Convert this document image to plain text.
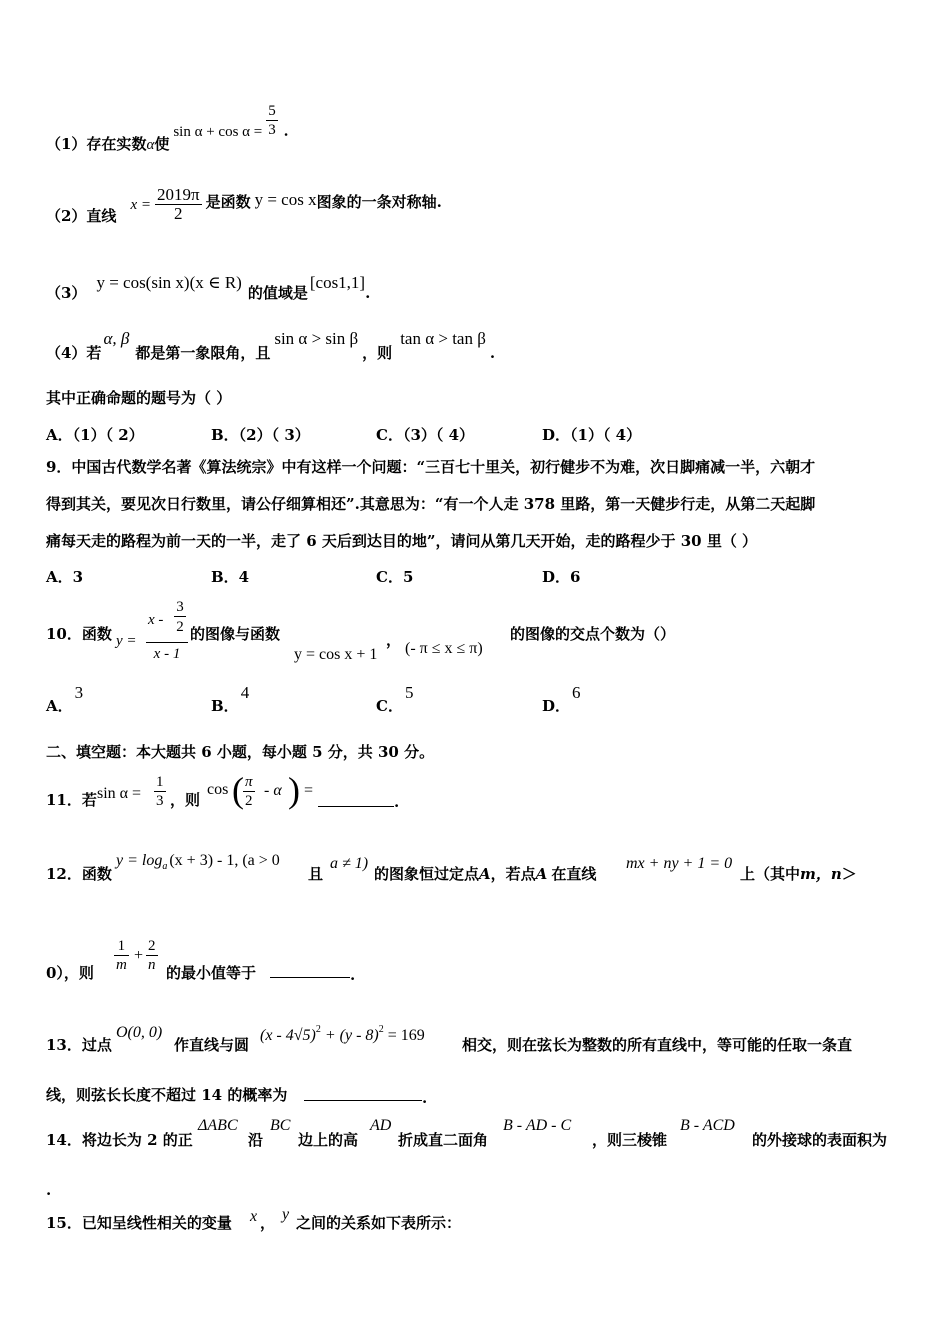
（1）存在实数α使$\sin \alpha + \cos \alpha = \frac{5}{3}$ ．
（2）直线$x = \frac{2019\pi}{2}$ 是函数 y = cos x图象的一条对称轴.
（3）y = cos(sin x)(x ∈ R)的值域是[cos1,1].
（4）若α, β都是第一象限角，且sin α > sin β，则tan α > tan β.
其中正确命题的题号为（ ）
A．（1）（ 2）	B．（2）（ 3）	C．（3）（ 4）	D．（1）（ 4）
9．中国古代数学名著《算法统宗》中有这样一个问题：“三百七十里关，初行健步不为难，次日脚痛减一半，六朝才
得到其关，要见次日行数里，请公仔细算相还”.其意思为：“有一个人走 378 里路，第一天健步行走，从第二天起脚
痛每天走的路程为前一天的一半，走了 6 天后到达目的地”，请问从第几天开始，走的路程少于 30 里（ ）
A．3	B．4	C．5	D．6
10．函数 $y = \frac{x - \frac{3}{2}}{x - 1}$ 的图像与函数
y = cos x + 1
， (- π ≤ x ≤ π)
的图像的交点个数为（）
A．3
B．4
C．5
D．6
二、填空题：本大题共 6 小题，每小题 5 分，共 30 分。
11．若 $\sin \alpha = \frac{1}{3}$ ，则
cos ( $\frac{\pi}{2}$ - α ) =
.
12．函数
$y = \log_a (x + 3) - 1$, (a > 0
且
a ≠ 1)
的图象恒过定点A，若点A 在直线
mx + ny + 1 = 0
上（其中m，n＞
0），则 $\frac{1}{m} + \frac{2}{n}$ 的最小值等于	.
13．过点
O(0, 0)
作直线与圆
(x - 4√5)$^2$ + (y - 8)$^2$ = 169
相交，则在弦长为整数的所有直线中，等可能的任取一条直
线，则弦长长度不超过 14 的概率为	.
14．将边长为 2 的正
ΔABC
沿
BC
边上的高
AD
折成直二面角
B - AD - C
，则三棱锥
B - ACD
的外接球的表面积为
.
15．已知呈线性相关的变量 x ， y 之间的关系如下表所示：
